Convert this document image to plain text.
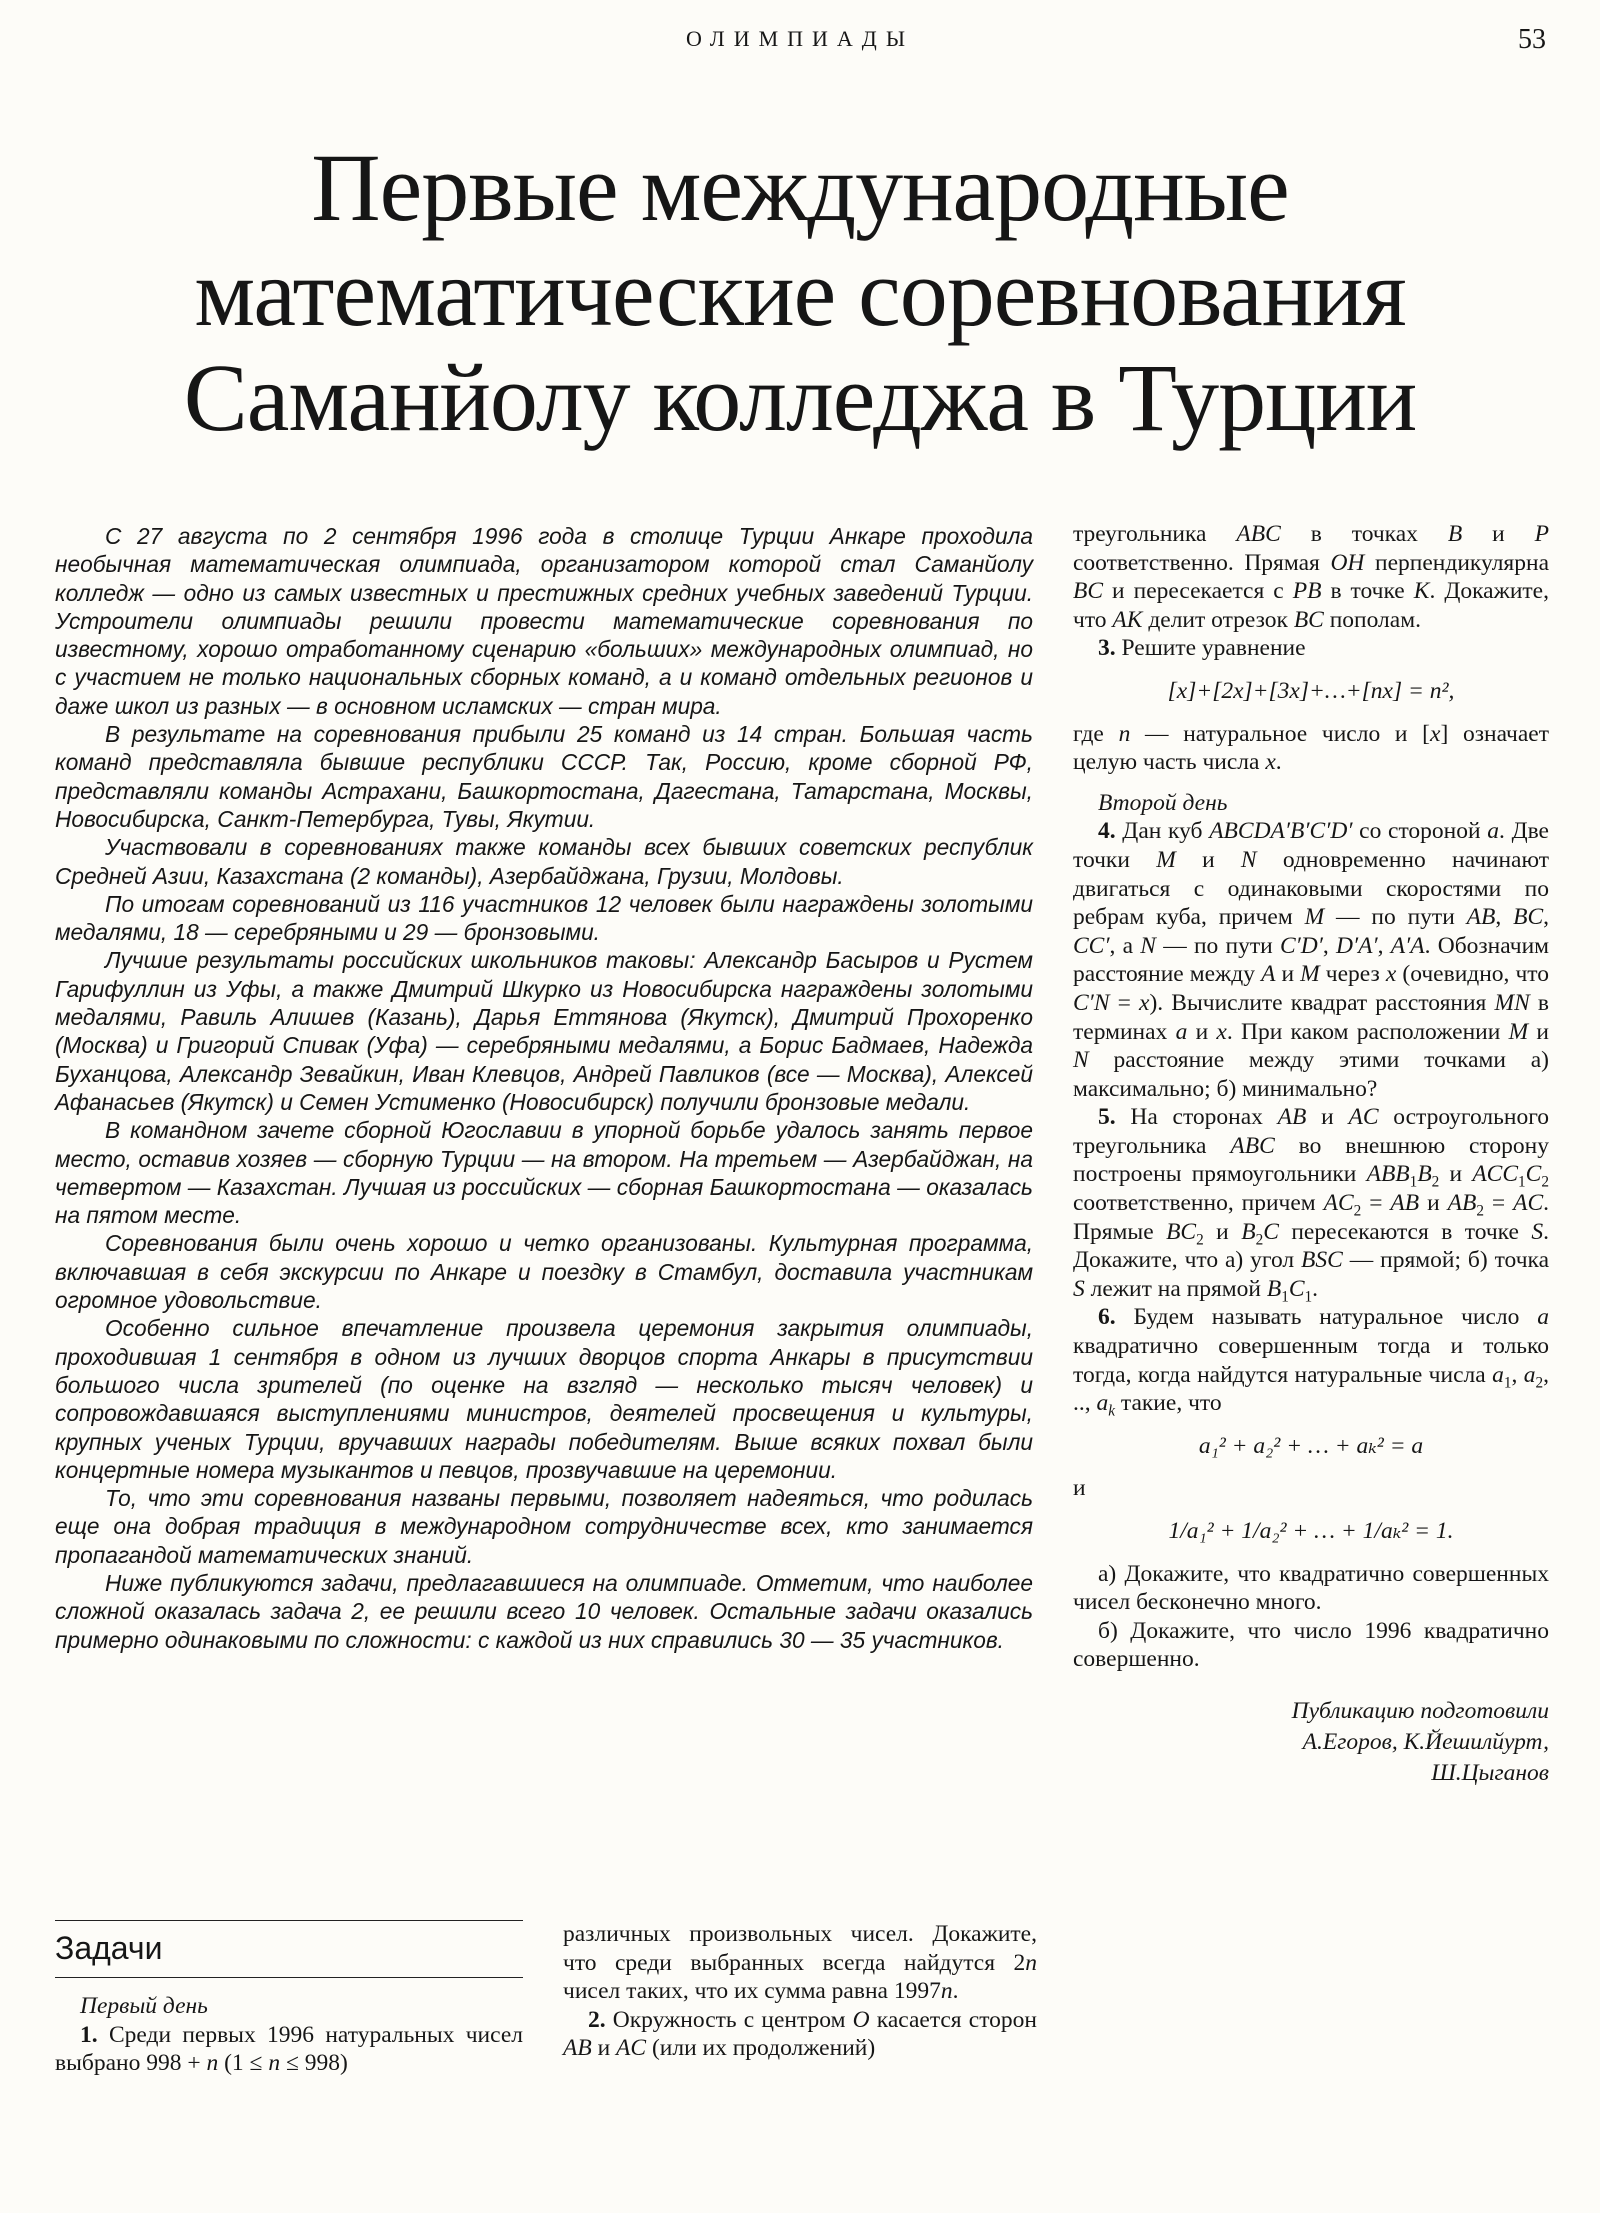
ОЛИМПИАДЫ	53
Первые международные
математические соревнования
Саманйолу колледжа в Турции

С 27 августа по 2 сентября 1996 года в столице Турции Анкаре проходила необычная математическая олимпиада, организатором которой стал Саманйолу колледж — одно из самых известных и престижных средних учебных заведений Турции. Устроители олимпиады решили провести математические соревнования по известному, хорошо отработанному сценарию «больших» международных олимпиад, но с участием не только национальных сборных команд, а и команд отдельных регионов и даже школ из разных — в основном исламских — стран мира.

В результате на соревнования прибыли 25 команд из 14 стран. Большая часть команд представляла бывшие республики СССР. Так, Россию, кроме сборной РФ, представляли команды Астрахани, Башкортостана, Дагестана, Татарстана, Москвы, Новосибирска, Санкт-Петербурга, Тувы, Якутии.

Участвовали в соревнованиях также команды всех бывших советских республик Средней Азии, Казахстана (2 команды), Азербайджана, Грузии, Молдовы.

По итогам соревнований из 116 участников 12 человек были награждены золотыми медалями, 18 — серебряными и 29 — бронзовыми.

Лучшие результаты российских школьников таковы: Александр Басыров и Рустем Гарифуллин из Уфы, а также Дмитрий Шкурко из Новосибирска награждены золотыми медалями, Равиль Алишев (Казань), Дарья Еттянова (Якутск), Дмитрий Прохоренко (Москва) и Григорий Спивак (Уфа) — серебряными медалями, а Борис Бадмаев, Надежда Буханцова, Александр Зевайкин, Иван Клевцов, Андрей Павликов (все — Москва), Алексей Афанасьев (Якутск) и Семен Устименко (Новосибирск) получили бронзовые медали.

В командном зачете сборной Югославии в упорной борьбе удалось занять первое место, оставив хозяев — сборную Турции — на втором. На третьем — Азербайджан, на четвертом — Казахстан. Лучшая из российских — сборная Башкортостана — оказалась на пятом месте.

Соревнования были очень хорошо и четко организованы. Культурная программа, включавшая в себя экскурсии по Анкаре и поездку в Стамбул, доставила участникам огромное удовольствие.

Особенно сильное впечатление произвела церемония закрытия олимпиады, проходившая 1 сентября в одном из лучших дворцов спорта Анкары в присутствии большого числа зрителей (по оценке на взгляд — несколько тысяч человек) и сопровождавшаяся выступлениями министров, деятелей просвещения и культуры, крупных ученых Турции, вручавших награды победителям. Выше всяких похвал были концертные номера музыкантов и певцов, прозвучавшие на церемонии.

То, что эти соревнования названы первыми, позволяет надеяться, что родилась еще она добрая традиция в международном сотрудничестве всех, кто занимается пропагандой математических знаний.

Ниже публикуются задачи, предлагавшиеся на олимпиаде. Отметим, что наиболее сложной оказалась задача 2, ее решили всего 10 человек. Остальные задачи оказались примерно одинаковыми по сложности: с каждой из них справились 30 — 35 участников.

Задачи

Первый день

1. Среди первых 1996 натуральных чисел выбрано 998 + n (1 ≤ n ≤ 998)

различных произвольных чисел. Докажите, что среди выбранных всегда найдутся 2n чисел таких, что их сумма равна 1997n.

2. Окружность с центром O касается сторон AB и AC (или их продолжений)

треугольника ABC в точках B и P соответственно. Прямая OH перпендикулярна BC и пересекается с PB в точке K. Докажите, что AK делит отрезок BC пополам.

3. Решите уравнение

[x]+[2x]+[3x]+…+[nx] = n²,

где n — натуральное число и [x] означает целую часть числа x.

Второй день

4. Дан куб ABCDA′B′C′D′ со стороной a. Две точки M и N одновременно начинают двигаться с одинаковыми скоростями по ребрам куба, причем M — по пути AB, BC, CC′, а N — по пути C′D′, D′A′, A′A. Обозначим расстояние между A и M через x (очевидно, что C′N = x). Вычислите квадрат расстояния MN в терминах a и x. При каком расположении M и N расстояние между этими точками а) максимально; б) минимально?

5. На сторонах AB и AC остроугольного треугольника ABC во внешнюю сторону построены прямоугольники $ABB_1B_2$ и $ACC_1C_2$ соответственно, причем $AC_2$ = AB и $AB_2$ = AC. Прямые $BC_2$ и $B_2C$ пересекаются в точке S. Докажите, что а) угол BSC — прямой; б) точка S лежит на прямой $B_1C_1$.

6. Будем называть натуральное число a квадратично совершенным тогда и только тогда, когда найдутся натуральные числа $a_1$, $a_2$, .., $a_k$ такие, что

a₁² + a₂² + … + aₖ² = a

и

1/a₁² + 1/a₂² + … + 1/aₖ² = 1.

а) Докажите, что квадратично совершенных чисел бесконечно много.

б) Докажите, что число 1996 квадратично совершенно.

Публикацию подготовили
А.Егоров, К.Йешилйурт,
Ш.Цыганов
